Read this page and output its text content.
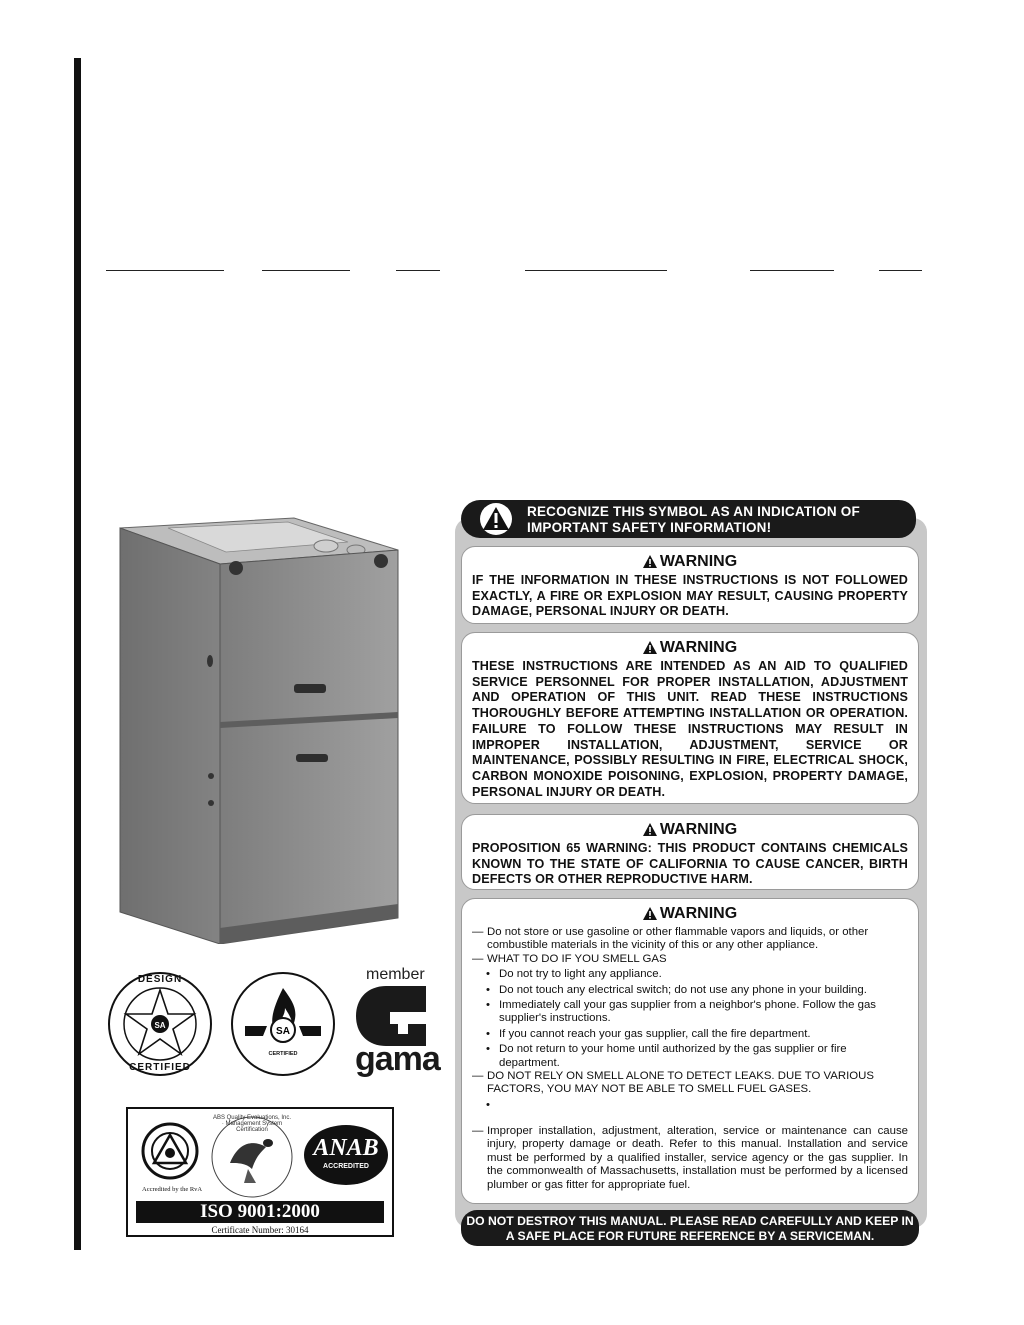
SA
DESIGN
CERTIFIED
SA
CERTIFIED
member
gama
Accredited by the RvA
ABS Quality Evaluations, Inc. · Management System Certification
ANAB
ACCREDITED
ISO 9001:2000
Certificate Number: 30164
RECOGNIZE THIS SYMBOL AS AN INDICATION OF IMPORTANT SAFETY INFORMATION!
WARNING
IF THE INFORMATION IN THESE INSTRUCTIONS IS NOT FOLLOWED EXACTLY, A FIRE OR EXPLOSION MAY RESULT, CAUSING PROPERTY DAMAGE, PERSONAL INJURY OR DEATH.
WARNING
THESE INSTRUCTIONS ARE INTENDED AS AN AID TO QUALIFIED SERVICE PERSONNEL FOR PROPER INSTALLATION, ADJUSTMENT AND OPERATION OF THIS UNIT. READ THESE INSTRUCTIONS THOROUGHLY BEFORE ATTEMPTING INSTALLATION OR OPERATION. FAILURE TO FOLLOW THESE INSTRUCTIONS MAY RESULT IN IMPROPER INSTALLATION, ADJUSTMENT, SERVICE OR MAINTENANCE, POSSIBLY RESULTING IN FIRE, ELECTRICAL SHOCK, CARBON MONOXIDE POISONING, EXPLOSION, PROPERTY DAMAGE, PERSONAL INJURY OR DEATH.
WARNING
PROPOSITION 65 WARNING: THIS PRODUCT CONTAINS CHEMICALS KNOWN TO THE STATE OF CALIFORNIA TO CAUSE CANCER, BIRTH DEFECTS OR OTHER REPRODUCTIVE HARM.
WARNING
— Do not store or use gasoline or other flammable vapors and liquids, or other combustible materials in the vicinity of this or any other appliance.
— WHAT TO DO IF YOU SMELL GAS
• Do not try to light any appliance.
• Do not touch any electrical switch; do not use any phone in your building.
• Immediately call your gas supplier from a neighbor's phone. Follow the gas supplier's instructions.
• If you cannot reach your gas supplier, call the fire department.
• Do not return to your home until authorized by the gas supplier or fire department.
— DO NOT RELY ON SMELL ALONE TO DETECT LEAKS. DUE TO VARIOUS FACTORS, YOU MAY NOT BE ABLE TO SMELL FUEL GASES.
— Improper installation, adjustment, alteration, service or maintenance can cause injury, property damage or death. Refer to this manual. Installation and service must be performed by a qualified installer, service agency or the gas supplier. In the commonwealth of Massachusetts, installation must be performed by a licensed plumber or gas fitter for appropriate fuel.
DO NOT DESTROY THIS MANUAL. PLEASE READ CAREFULLY AND KEEP IN A SAFE PLACE FOR FUTURE REFERENCE BY A SERVICEMAN.
